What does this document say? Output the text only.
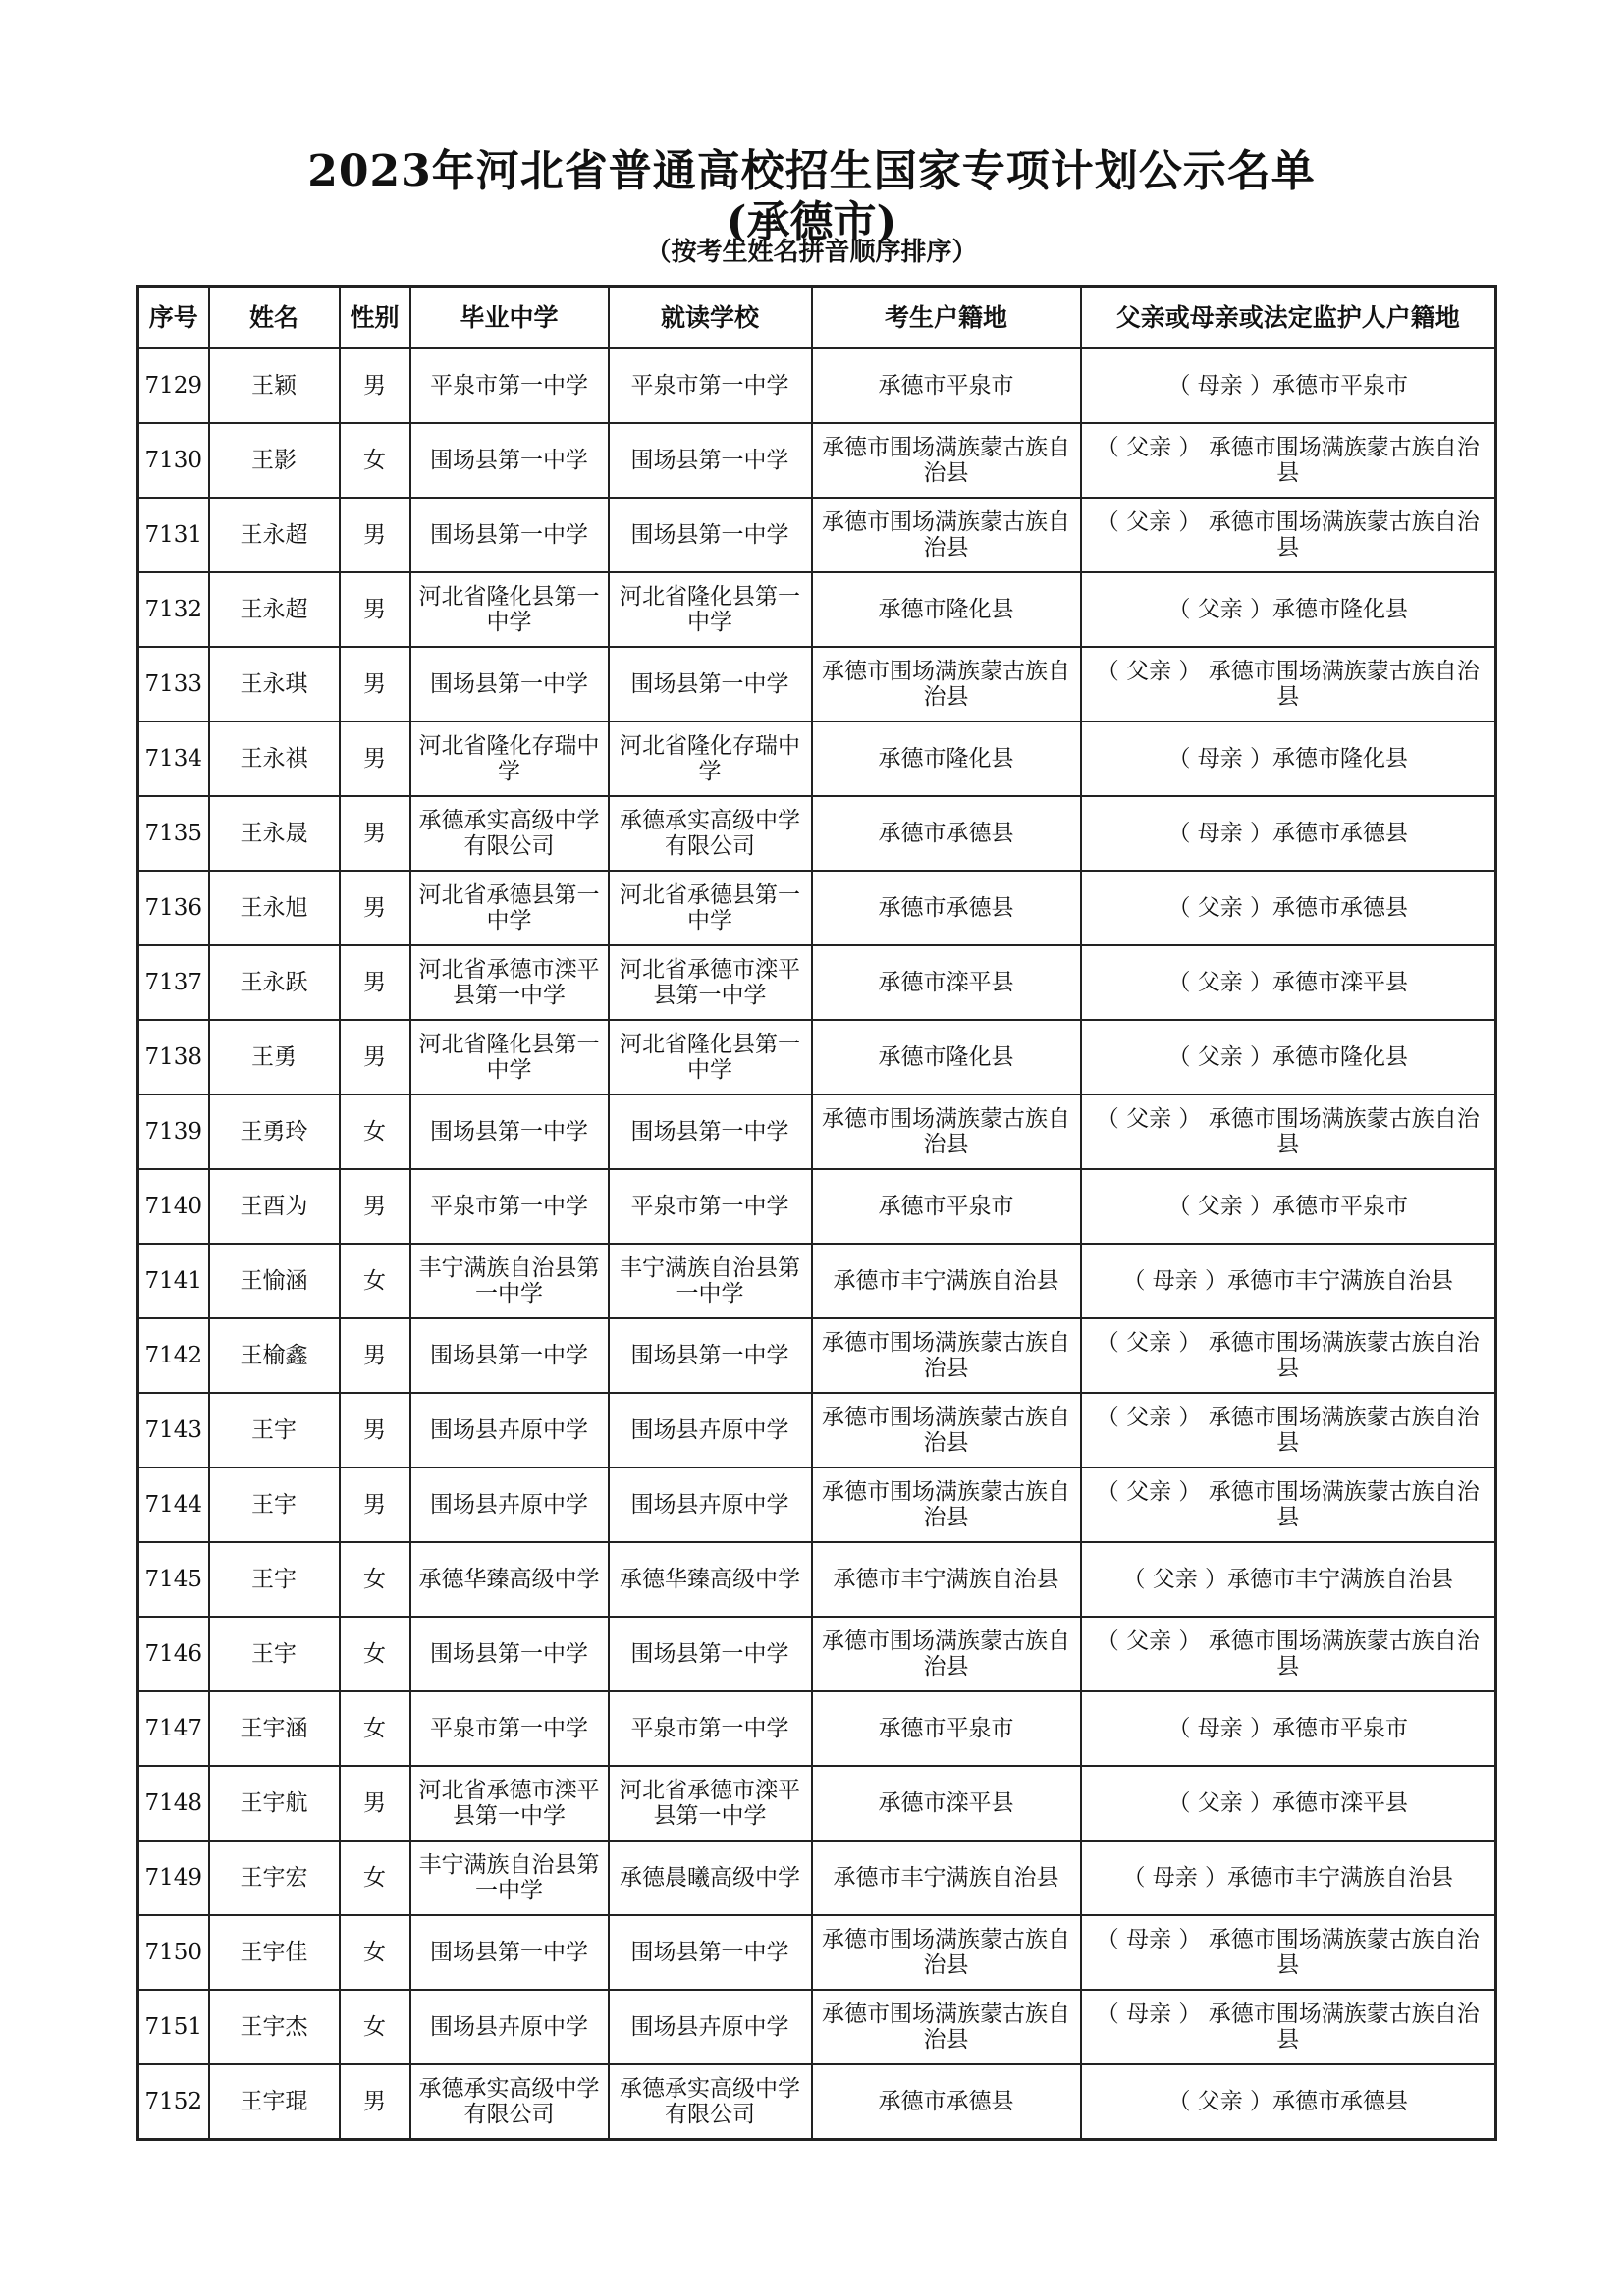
2023年河北省普通高校招生国家专项计划公示名单
(承德市)
（按考生姓名拼音顺序排序）
序号	姓名	性别	毕业中学	就读学校	考生户籍地	父亲或母亲或法定监护人户籍地
7129	王颖	男	平泉市第一中学	平泉市第一中学	承德市平泉市	（ 母亲 ）承德市平泉市
7130	王影	女	围场县第一中学	围场县第一中学	承德市围场满族蒙古族自治县	（ 父亲 ） 承德市围场满族蒙古族自治县
7131	王永超	男	围场县第一中学	围场县第一中学	承德市围场满族蒙古族自治县	（ 父亲 ） 承德市围场满族蒙古族自治县
7132	王永超	男	河北省隆化县第一中学	河北省隆化县第一中学	承德市隆化县	（ 父亲 ）承德市隆化县
7133	王永琪	男	围场县第一中学	围场县第一中学	承德市围场满族蒙古族自治县	（ 父亲 ） 承德市围场满族蒙古族自治县
7134	王永祺	男	河北省隆化存瑞中学	河北省隆化存瑞中学	承德市隆化县	（ 母亲 ）承德市隆化县
7135	王永晟	男	承德承实高级中学有限公司	承德承实高级中学有限公司	承德市承德县	（ 母亲 ）承德市承德县
7136	王永旭	男	河北省承德县第一中学	河北省承德县第一中学	承德市承德县	（ 父亲 ）承德市承德县
7137	王永跃	男	河北省承德市滦平县第一中学	河北省承德市滦平县第一中学	承德市滦平县	（ 父亲 ）承德市滦平县
7138	王勇	男	河北省隆化县第一中学	河北省隆化县第一中学	承德市隆化县	（ 父亲 ）承德市隆化县
7139	王勇玲	女	围场县第一中学	围场县第一中学	承德市围场满族蒙古族自治县	（ 父亲 ） 承德市围场满族蒙古族自治县
7140	王酉为	男	平泉市第一中学	平泉市第一中学	承德市平泉市	（ 父亲 ）承德市平泉市
7141	王愉涵	女	丰宁满族自治县第一中学	丰宁满族自治县第一中学	承德市丰宁满族自治县	（ 母亲 ）承德市丰宁满族自治县
7142	王榆鑫	男	围场县第一中学	围场县第一中学	承德市围场满族蒙古族自治县	（ 父亲 ） 承德市围场满族蒙古族自治县
7143	王宇	男	围场县卉原中学	围场县卉原中学	承德市围场满族蒙古族自治县	（ 父亲 ） 承德市围场满族蒙古族自治县
7144	王宇	男	围场县卉原中学	围场县卉原中学	承德市围场满族蒙古族自治县	（ 父亲 ） 承德市围场满族蒙古族自治县
7145	王宇	女	承德华臻高级中学	承德华臻高级中学	承德市丰宁满族自治县	（ 父亲 ）承德市丰宁满族自治县
7146	王宇	女	围场县第一中学	围场县第一中学	承德市围场满族蒙古族自治县	（ 父亲 ） 承德市围场满族蒙古族自治县
7147	王宇涵	女	平泉市第一中学	平泉市第一中学	承德市平泉市	（ 母亲 ）承德市平泉市
7148	王宇航	男	河北省承德市滦平县第一中学	河北省承德市滦平县第一中学	承德市滦平县	（ 父亲 ）承德市滦平县
7149	王宇宏	女	丰宁满族自治县第一中学	承德晨曦高级中学	承德市丰宁满族自治县	（ 母亲 ）承德市丰宁满族自治县
7150	王宇佳	女	围场县第一中学	围场县第一中学	承德市围场满族蒙古族自治县	（ 母亲 ） 承德市围场满族蒙古族自治县
7151	王宇杰	女	围场县卉原中学	围场县卉原中学	承德市围场满族蒙古族自治县	（ 母亲 ） 承德市围场满族蒙古族自治县
7152	王宇琨	男	承德承实高级中学有限公司	承德承实高级中学有限公司	承德市承德县	（ 父亲 ）承德市承德县
